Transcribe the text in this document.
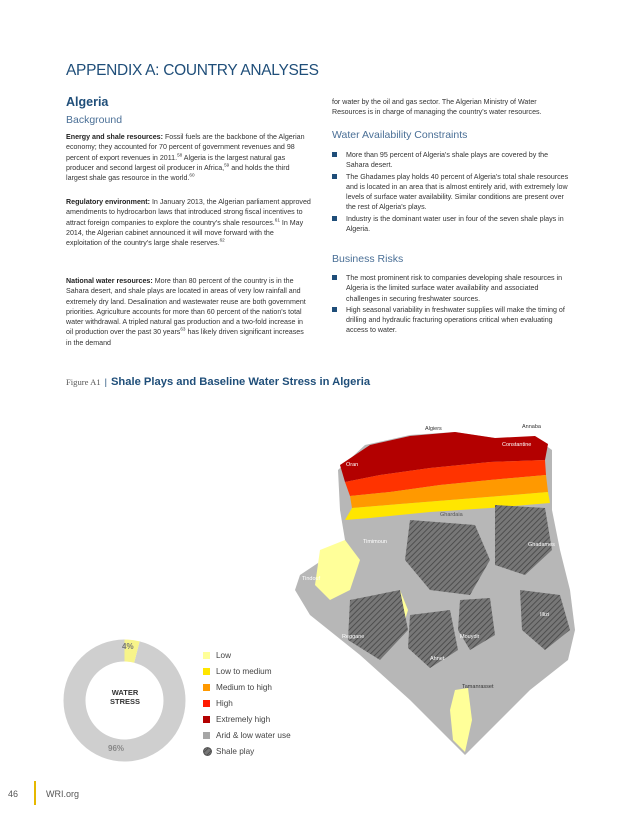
APPENDIX A: COUNTRY ANALYSES
Algeria
Background
Energy and shale resources: Fossil fuels are the backbone of the Algerian economy; they accounted for 70 percent of government revenues and 98 percent of export revenues in 2011.58 Algeria is the largest natural gas producer and second largest oil producer in Africa,$^{59}$ and holds the third largest shale gas resource in the world.$^{60}$
Regulatory environment: In January 2013, the Algerian parliament approved amendments to hydrocarbon laws that introduced strong fiscal incentives to attract foreign companies to explore the country's shale resources.$^{61}$ In May 2014, the Algerian cabinet announced it will move forward with the exploitation of the country's large shale reserves.$^{62}$
National water resources: More than 80 percent of the country is in the Sahara desert, and shale plays are located in areas of very low rainfall and extremely dry land. Desalination and wastewater reuse are both government priorities. Agriculture accounts for more than 60 percent of the nation's total water withdrawal. A tripled natural gas production and a two-fold increase in oil production over the past 30 years$^{63}$ has likely driven significant increases in the demand
for water by the oil and gas sector. The Algerian Ministry of Water Resources is in charge of managing the country's water resources.
Water Availability Constraints
More than 95 percent of Algeria's shale plays are covered by the Sahara desert.
The Ghadames play holds 40 percent of Algeria's total shale resources and is located in an area that is almost entirely arid, with extremely low levels of surface water availability. Similar conditions are present over the rest of Algeria's plays.
Industry is the dominant water user in four of the seven shale plays in Algeria.
Business Risks
The most prominent risk to companies developing shale resources in Algeria is the limited surface water availability and associated challenges in securing freshwater sources.
High seasonal variability in freshwater supplies will make the timing of drilling and hydraulic fracturing operations critical when evaluating access to water.
Figure A1 | Shale Plays and Baseline Water Stress in Algeria
Algiers	Annaba
Constantine
Oran
Ghardaia
Ghadames
Timimoun
Tindouf
Illizi
Reggane	Mouydir
Ahnet
Tamanrasset
4%
WATER
STRESS
96%
Low
Low to medium
Medium to high
High
Extremely high
Arid & low water use
Shale play
46	WRI.org
